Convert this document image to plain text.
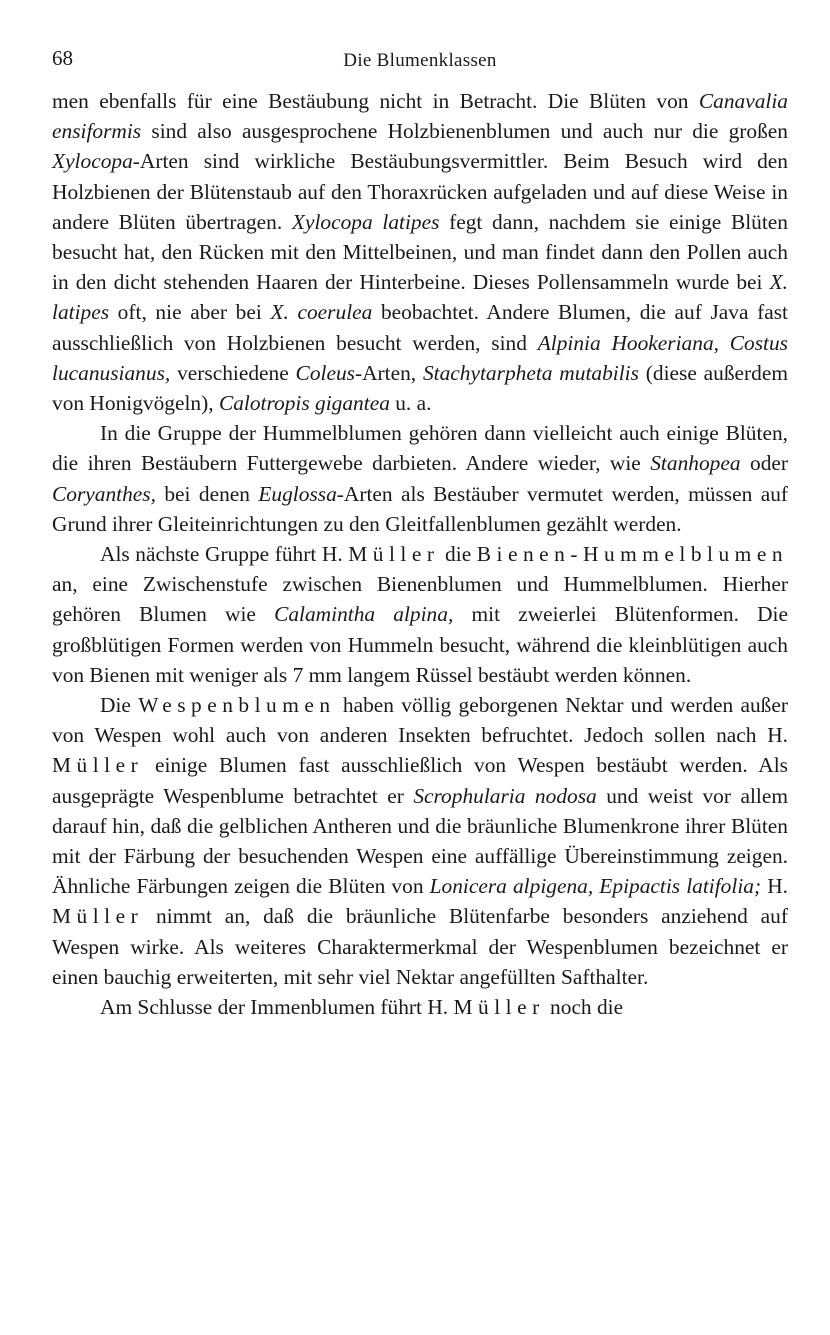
68	Die Blumenklassen

men ebenfalls für eine Bestäubung nicht in Betracht. Die Blüten von Canavalia ensiformis sind also ausgesprochene Holzbienenblumen und auch nur die großen Xylocopa-Arten sind wirkliche Bestäubungsvermittler. Beim Besuch wird den Holzbienen der Blütenstaub auf den Thoraxrücken aufgeladen und auf diese Weise in andere Blüten übertragen. Xylocopa latipes fegt dann, nachdem sie einige Blüten besucht hat, den Rücken mit den Mittelbeinen, und man findet dann den Pollen auch in den dicht stehenden Haaren der Hinterbeine. Dieses Pollensammeln wurde bei X. latipes oft, nie aber bei X. coerulea beobachtet. Andere Blumen, die auf Java fast ausschließlich von Holzbienen besucht werden, sind Alpinia Hookeriana, Costus lucanusianus, verschiedene Coleus-Arten, Stachytarpheta mutabilis (diese außerdem von Honigvögeln), Calotropis gigantea u. a.

In die Gruppe der Hummelblumen gehören dann vielleicht auch einige Blüten, die ihren Bestäubern Futtergewebe darbieten. Andere wieder, wie Stanhopea oder Coryanthes, bei denen Euglossa-Arten als Bestäuber vermutet werden, müssen auf Grund ihrer Gleiteinrichtungen zu den Gleitfallenblumen gezählt werden.

Als nächste Gruppe führt H. Müller die Bienen-Hummelblumen an, eine Zwischenstufe zwischen Bienenblumen und Hummelblumen. Hierher gehören Blumen wie Calamintha alpina, mit zweierlei Blütenformen. Die großblütigen Formen werden von Hummeln besucht, während die kleinblütigen auch von Bienen mit weniger als 7 mm langem Rüssel bestäubt werden können.

Die Wespenblumen haben völlig geborgenen Nektar und werden außer von Wespen wohl auch von anderen Insekten befruchtet. Jedoch sollen nach H. Müller einige Blumen fast ausschließlich von Wespen bestäubt werden. Als ausgeprägte Wespenblume betrachtet er Scrophularia nodosa und weist vor allem darauf hin, daß die gelblichen Antheren und die bräunliche Blumenkrone ihrer Blüten mit der Färbung der besuchenden Wespen eine auffällige Übereinstimmung zeigen. Ähnliche Färbungen zeigen die Blüten von Lonicera alpigena, Epipactis latifolia; H. Müller nimmt an, daß die bräunliche Blütenfarbe besonders anziehend auf Wespen wirke. Als weiteres Charaktermerkmal der Wespenblumen bezeichnet er einen bauchig erweiterten, mit sehr viel Nektar angefüllten Safthalter.

Am Schlusse der Immenblumen führt H. Müller noch die
